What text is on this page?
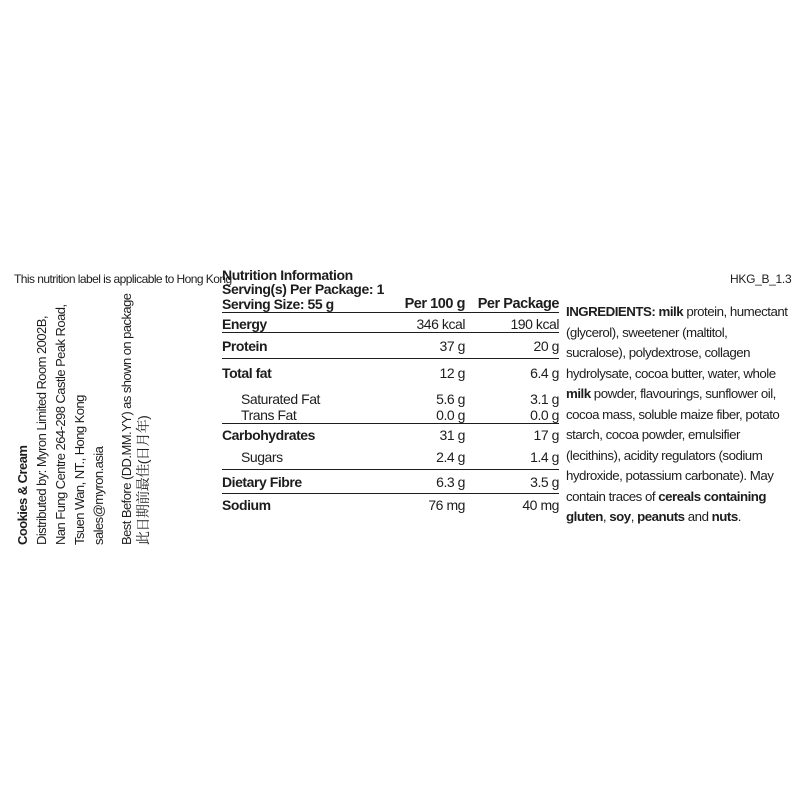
This nutrition label is applicable to Hong Kong	HKG_B_1.3
Cookies & Cream Distributed by: Myron Limited Room 2002B, Nan Fung Centre 264-298 Castle Peak Road, Tsuen Wan, NT., Hong Kong sales@myron.asia Best Before (DD.MM.YY) as shown on package 此日期前最佳(日月年)
Nutrition Information
Serving(s) Per Package: 1
Serving Size: 55 g	Per 100 g	Per Package
Energy	346 kcal	190 kcal
Protein	37 g	20 g
Total fat	12 g	6.4 g
Saturated Fat	5.6 g	3.1 g
Trans Fat	0.0 g	0.0 g
Carbohydrates	31 g	17 g
Sugars	2.4 g	1.4 g
Dietary Fibre	6.3 g	3.5 g
Sodium	76 mg	40 mg
INGREDIENTS: milk protein, humectant (glycerol), sweetener (maltitol, sucralose), polydextrose, collagen hydrolysate, cocoa butter, water, whole milk powder, flavourings, sunflower oil, cocoa mass, soluble maize fiber, potato starch, cocoa powder, emulsifier (lecithins), acidity regulators (sodium hydroxide, potassium carbonate). May contain traces of cereals containing gluten, soy, peanuts and nuts.
